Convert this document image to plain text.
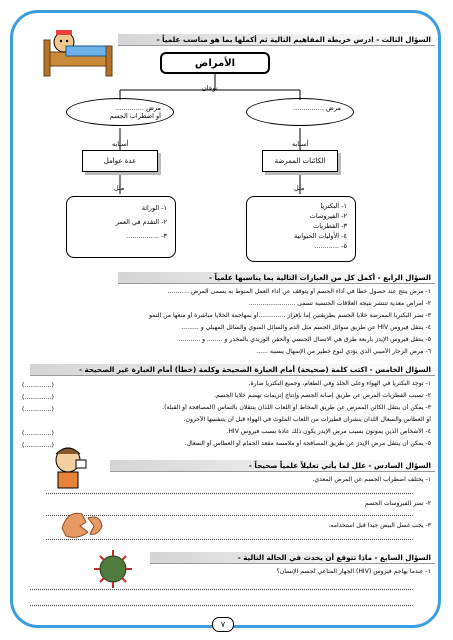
السؤال الثالث - ادرس خريطة المفاهيم التالية ثم أكملها بما هو مناسب علمياً -
الأمراض
نوعان
مرض ...............
مرض ..............
أو اضطراب الجسم
أسبابه
أسبابه
الكائنات الممرضة
عدة عوامل
مثل
مثل
١- البكتريا
٢- الفيروسات
٣- الفطريات
٤- الأوليات الحيوانية
٥- ............
١- الوراثة
٢- التقدم في العمر
٣- ................
السؤال الرابع - أكمل كل من العبارات التالية بما يناسبها علمياً -
١- مرض ينتج عند حصول خطأ في أداء الجسم أو يتوقف عن أداء العمل المنوط به يسمى المرض ...........
٢- أمراض معدية تنتشر نتيجة العلاقات الجنسية تسمى ........................
٣- تضر البكتريا الممرضة خلايا الجسم بطريقتين إما بإفراز ..............أو بمهاجمة الخلايا مباشرة أو منعها من النمو
٤- ينتقل فيروس HIV عن طريق سوائل الجسم مثل الدم والسائل المنوي والسائل المهبلي و .........
٥- ينتقل فيروس الإيدز بأربعة طرق هي الاتصال الجنسي والحقن الوريدي بالمخدر و ........ و ...........
٦- مرض الزحار الأميبي الذي يؤدي لنوع خطير من الإسهال يسببه ......
السؤال الخامس - اكتب كلمة (صحيحة) أمام العبارة الصحيحة وكلمة (خطأ) أمام العبارة غير الصحيحة -
١- توجد البكتريا في الهواء وعلى الجلد وفي الطعام، وجميع البكتريا ضارة.
٢- تسبب الفطريات المرض عن طريق إصابة الجسم وإنتاج إنزيمات تهضم خلايا الجسم.
٣- يمكن أن ينتقل الكائن الممرض عن طريق المخاط أو اللعاب اللذان ينتقلان بالتماس (المصافحة أو القبلة).
أو العطاس والسعال اللذان ينشران قطيرات من اللعاب الملوث في الهواء قبل أن يتنفسها الآخرون.
٤- الأشخاص الذين يموتون بسبب مرض الإيدز يكون ذلك عادة بسبب فيروس HIV.
٥- يمكن أن ينتقل مرض الإيدز عن طريق المصافحة أو ملامسة مقعد الحمام أو العطاس أو السعال.
(..............)
(..............)
(..............)

(..............)
(..............)
السؤال السادس - علل لما يأتي تعليلاً علمياً صحيحاً -
١- يختلف اضطراب الجسم عن المرض المعدي.
٢- تضر الفيروسات الجسم
٣- يجب غسل البيض جيداً قبل استخدامه.
السؤال السابع - ماذا تتوقع أن يحدث في الحالة التالية -
١- عندما يهاجم فيروس (HIV) الجهاز المناعي لجسم الإنسان؟
٧
